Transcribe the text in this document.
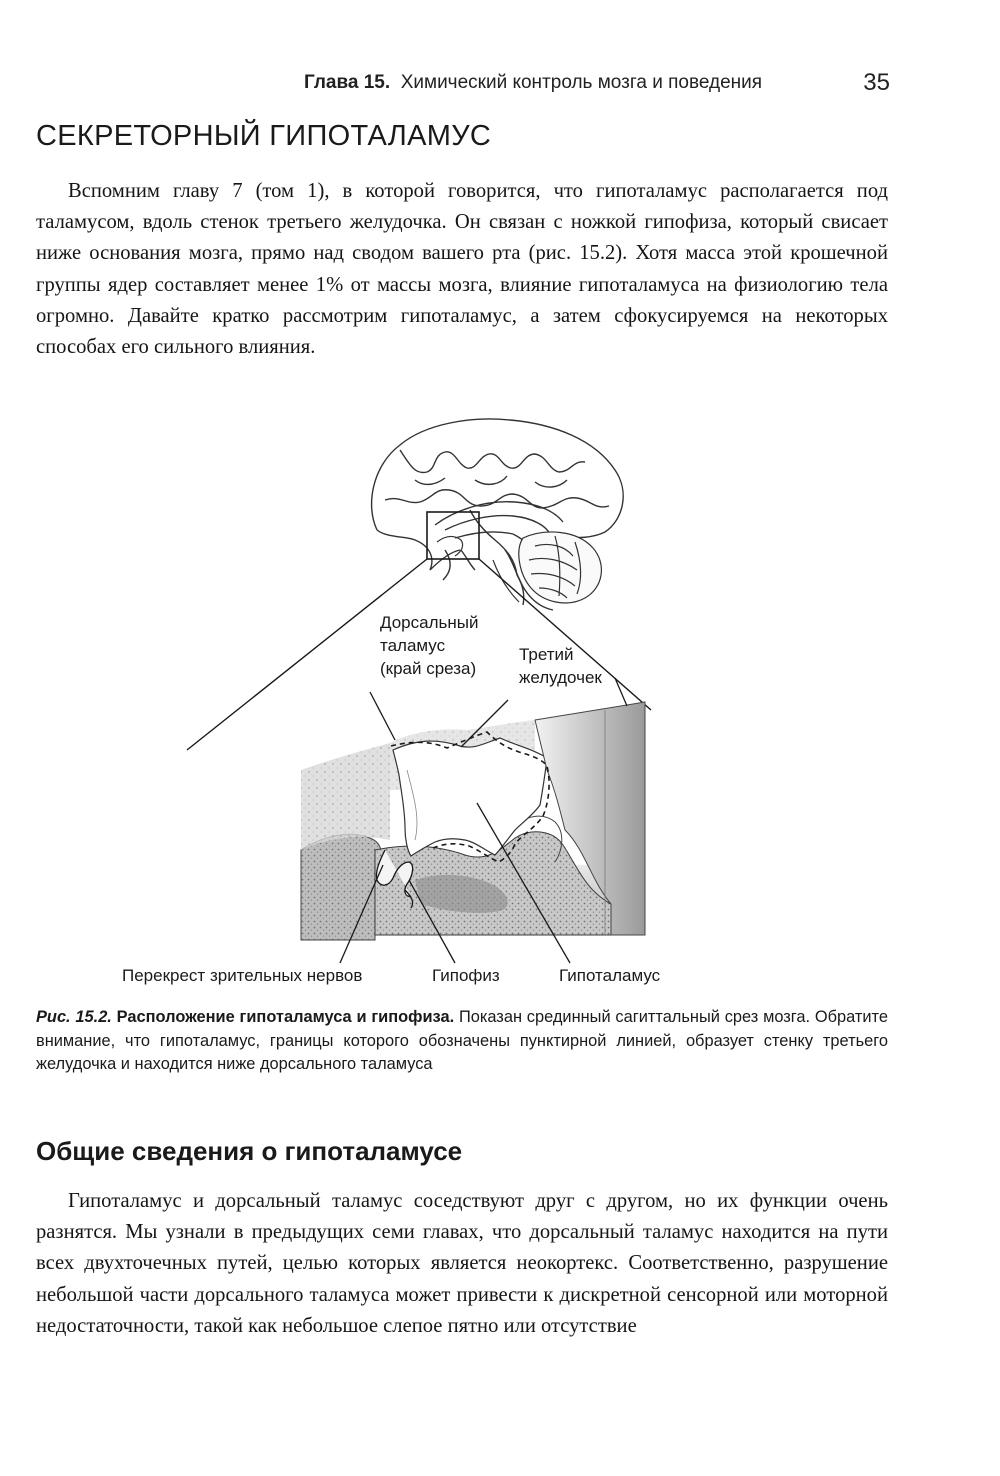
Глава 15. Химический контроль мозга и поведения	35
СЕКРЕТОРНЫЙ ГИПОТАЛАМУС

Вспомним главу 7 (том 1), в которой говорится, что гипоталамус располагается под таламусом, вдоль стенок третьего желудочка. Он связан с ножкой гипофиза, который свисает ниже основания мозга, прямо над сводом вашего рта (рис. 15.2). Хотя масса этой крошечной группы ядер составляет менее 1% от массы мозга, влияние гипоталамуса на физиологию тела огромно. Давайте кратко рассмотрим гипоталамус, а затем сфокусируемся на некоторых способах его сильного влияния.

Дорсальный
таламус
(край среза)
Третий
желудочек
Перекрест зрительных нервов	Гипофиз	Гипоталамус

Рис. 15.2. Расположение гипоталамуса и гипофиза. Показан срединный сагиттальный срез мозга. Обратите внимание, что гипоталамус, границы которого обозначены пунктирной линией, образует стенку третьего желудочка и находится ниже дорсального таламуса

Общие сведения о гипоталамусе

Гипоталамус и дорсальный таламус соседствуют друг с другом, но их функции очень разнятся. Мы узнали в предыдущих семи главах, что дорсальный таламус находится на пути всех двухточечных путей, целью которых является неокортекс. Соответственно, разрушение небольшой части дорсального таламуса может привести к дискретной сенсорной или моторной недостаточности, такой как небольшое слепое пятно или отсутствие
